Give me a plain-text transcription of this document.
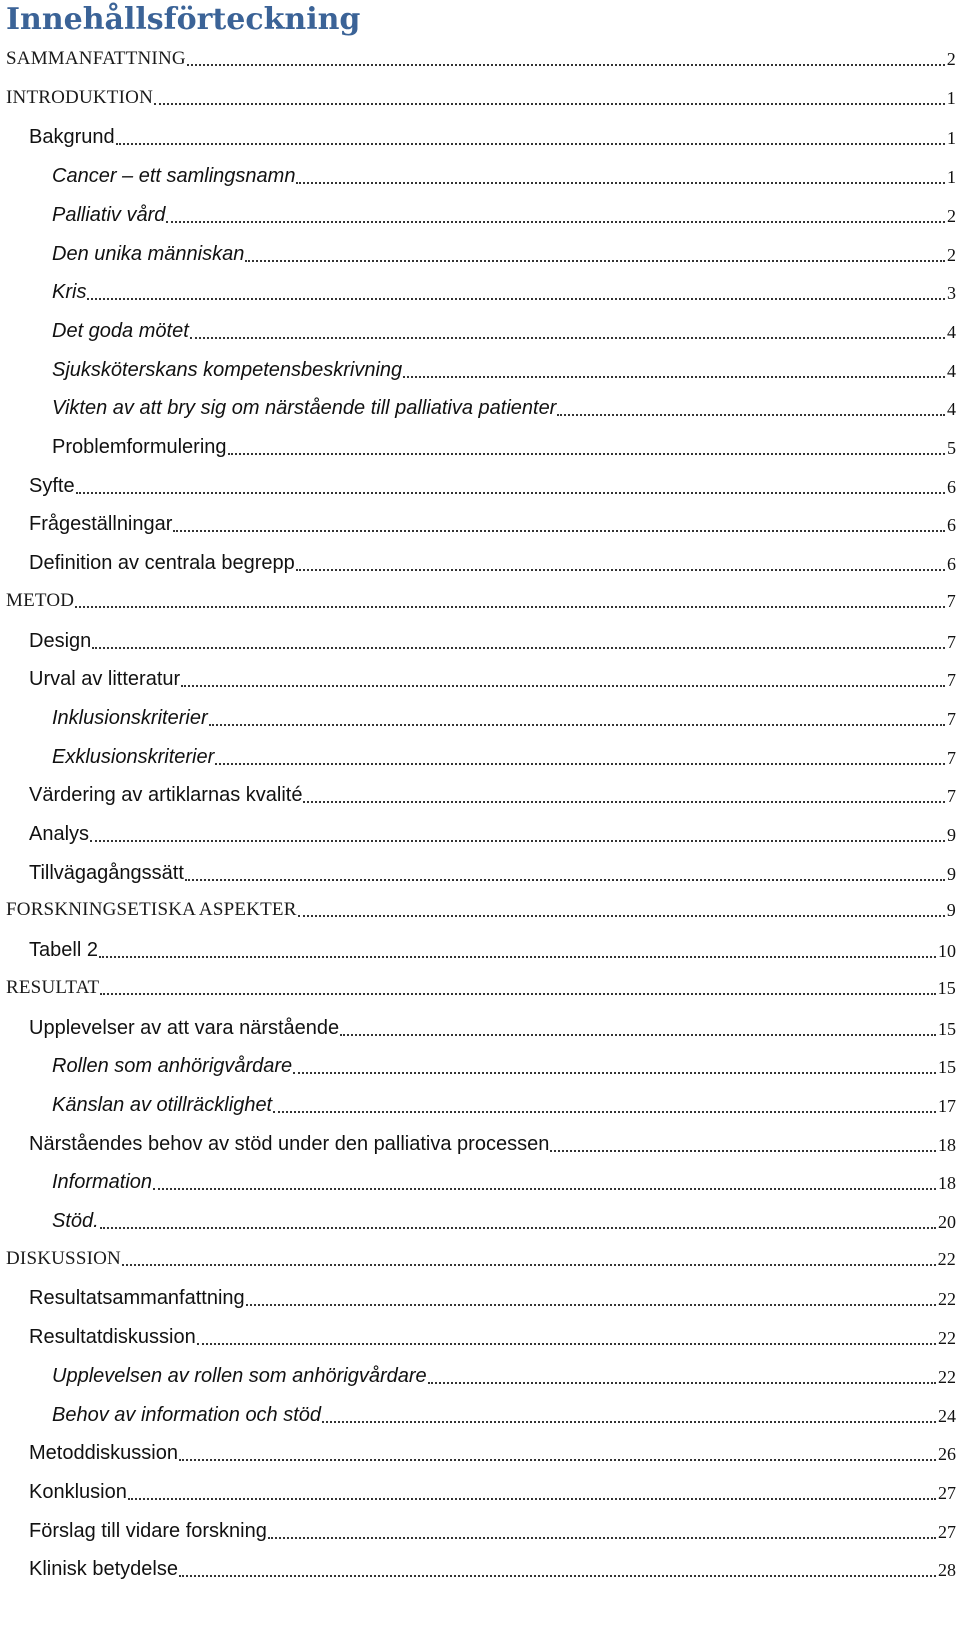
Innehållsförteckning
SAMMANFATTNING	2
INTRODUKTION	1
Bakgrund	1
Cancer – ett samlingsnamn	1
Palliativ vård	2
Den unika människan	2
Kris	3
Det goda mötet	4
Sjuksköterskans kompetensbeskrivning	4
Vikten av att bry sig om närstående till palliativa patienter	4
Problemformulering	5
Syfte	6
Frågeställningar	6
Definition av centrala begrepp	6
METOD	7
Design	7
Urval av litteratur	7
Inklusionskriterier	7
Exklusionskriterier	7
Värdering av artiklarnas kvalité	7
Analys	9
Tillvägagångssätt	9
FORSKNINGSETISKA ASPEKTER	9
Tabell 2	10
RESULTAT	15
Upplevelser av att vara närstående	15
Rollen som anhörigvårdare	15
Känslan av otillräcklighet	17
Närståendes behov av stöd under den palliativa processen	18
Information	18
Stöd.	20
DISKUSSION	22
Resultatsammanfattning	22
Resultatdiskussion	22
Upplevelsen av rollen som anhörigvårdare	22
Behov av information och stöd	24
Metoddiskussion	26
Konklusion	27
Förslag till vidare forskning	27
Klinisk betydelse	28
